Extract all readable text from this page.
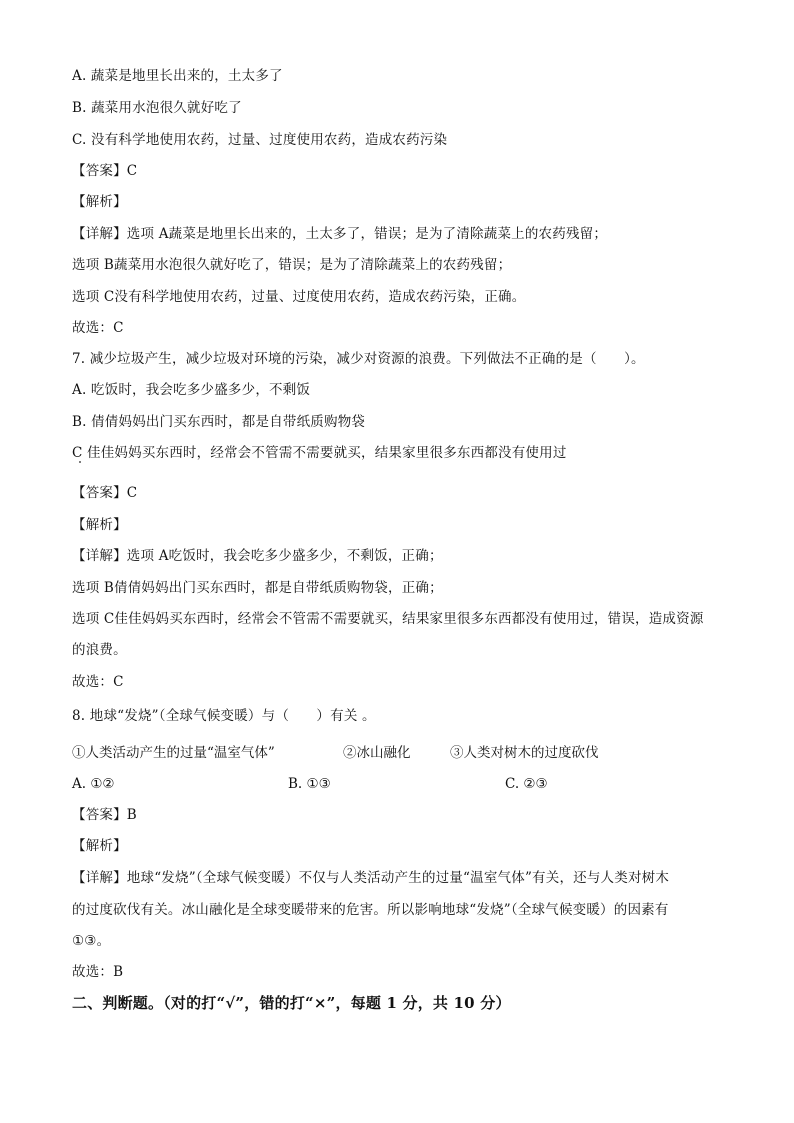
A. 蔬菜是地里长出来的，土太多了
B. 蔬菜用水泡很久就好吃了
C. 没有科学地使用农药，过量、过度使用农药，造成农药污染
【答案】C
【解析】
【详解】选项 A蔬菜是地里长出来的，土太多了，错误；是为了清除蔬菜上的农药残留；
选项 B蔬菜用水泡很久就好吃了，错误；是为了清除蔬菜上的农药残留；
选项 C没有科学地使用农药，过量、过度使用农药，造成农药污染，正确。
故选：C
7. 减少垃圾产生，减少垃圾对环境的污染，减少对资源的浪费。下列做法不正确的是（　　）。
A. 吃饭时，我会吃多少盛多少，不剩饭
B. 倩倩妈妈出门买东西时，都是自带纸质购物袋
C 佳佳妈妈买东西时，经常会不管需不需要就买，结果家里很多东西都没有使用过
【答案】C
【解析】
【详解】选项 A吃饭时，我会吃多少盛多少，不剩饭，正确；
选项 B倩倩妈妈出门买东西时，都是自带纸质购物袋，正确；
选项 C佳佳妈妈买东西时，经常会不管需不需要就买，结果家里很多东西都没有使用过，错误，造成资源
的浪费。
故选：C
8. 地球“发烧”（全球气候变暖）与（　　）有关 。
①人类活动产生的过量“温室气体”	②冰山融化	③人类对树木的过度砍伐
A. ①②	B. ①③	C. ②③
【答案】B
【解析】
【详解】地球“发烧”（全球气候变暖）不仅与人类活动产生的过量“温室气体”有关，还与人类对树木
的过度砍伐有关。冰山融化是全球变暖带来的危害。所以影响地球“发烧”（全球气候变暖）的因素有
①③。
故选：B
二、判断题。（对的打“√”，错的打“×”，每题 1 分，共 10 分）
